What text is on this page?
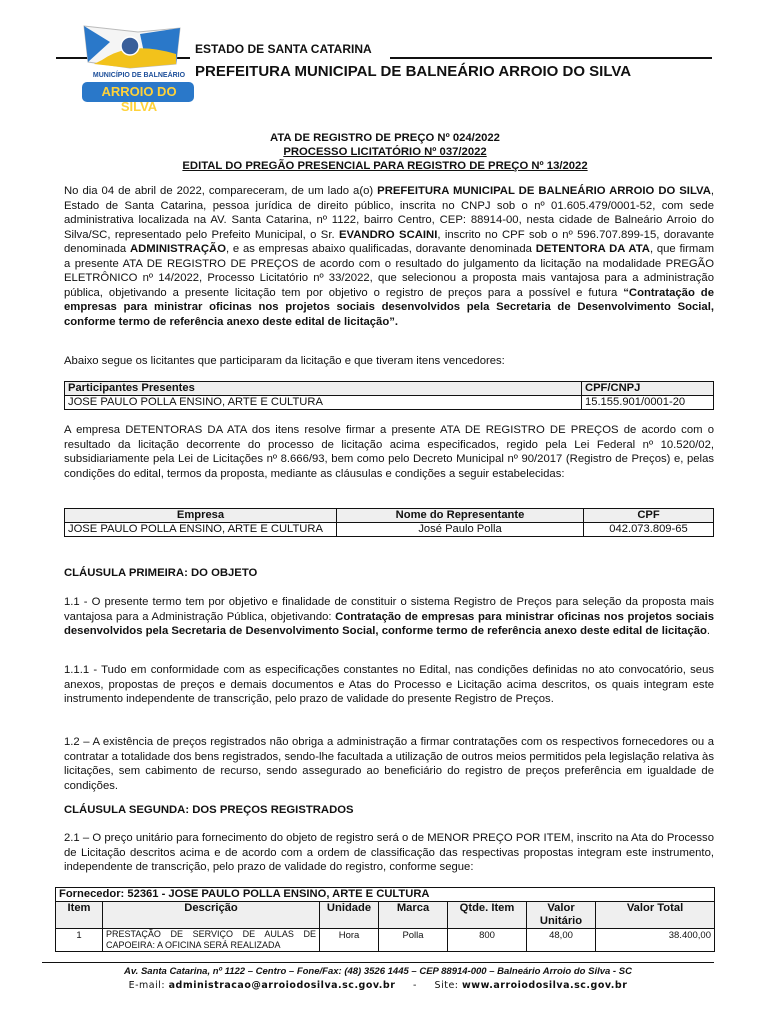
MUNICÍPIO DE BALNEÁRIO
ARROIO DO SILVA
ESTADO DE SANTA CATARINA
PREFEITURA MUNICIPAL DE BALNEÁRIO ARROIO DO SILVA
ATA DE REGISTRO DE PREÇO Nº 024/2022
PROCESSO LICITATÓRIO Nº 037/2022
EDITAL DO PREGÃO PRESENCIAL PARA REGISTRO DE PREÇO Nº 13/2022
No dia 04 de abril de 2022, compareceram, de um lado a(o) PREFEITURA MUNICIPAL DE BALNEÁRIO ARROIO DO SILVA, Estado de Santa Catarina, pessoa jurídica de direito público, inscrita no CNPJ sob o nº 01.605.479/0001-52, com sede administrativa localizada na AV. Santa Catarina, nº 1122, bairro Centro, CEP: 88914-00, nesta cidade de Balneário Arroio do Silva/SC, representado pelo Prefeito Municipal, o Sr. EVANDRO SCAINI, inscrito no CPF sob o nº 596.707.899-15, doravante denominada ADMINISTRAÇÃO, e as empresas abaixo qualificadas, doravante denominada DETENTORA DA ATA, que firmam a presente ATA DE REGISTRO DE PREÇOS de acordo com o resultado do julgamento da licitação na modalidade PREGÃO ELETRÔNICO nº 14/2022, Processo Licitatório nº 33/2022, que selecionou a proposta mais vantajosa para a administração pública, objetivando a presente licitação tem por objetivo o registro de preços para a possível e futura “Contratação de empresas para ministrar oficinas nos projetos sociais desenvolvidos pela Secretaria de Desenvolvimento Social, conforme termo de referência anexo deste edital de licitação”.
Abaixo segue os licitantes que participaram da licitação e que tiveram itens vencedores:
Participantes Presentes	CPF/CNPJ
JOSE PAULO POLLA ENSINO, ARTE E CULTURA	15.155.901/0001-20
A empresa DETENTORAS DA ATA dos itens resolve firmar a presente ATA DE REGISTRO DE PREÇOS de acordo com o resultado da licitação decorrente do processo de licitação acima especificados, regido pela Lei Federal nº 10.520/02, subsidiariamente pela Lei de Licitações nº 8.666/93, bem como pelo Decreto Municipal nº 90/2017 (Registro de Preços) e, pelas condições do edital, termos da proposta, mediante as cláusulas e condições a seguir estabelecidas:
Empresa	Nome do Representante	CPF
JOSE PAULO POLLA ENSINO, ARTE E CULTURA	José Paulo Polla	042.073.809-65
CLÁUSULA PRIMEIRA: DO OBJETO
1.1 - O presente termo tem por objetivo e finalidade de constituir o sistema Registro de Preços para seleção da proposta mais vantajosa para a Administração Pública, objetivando: Contratação de empresas para ministrar oficinas nos projetos sociais desenvolvidos pela Secretaria de Desenvolvimento Social, conforme termo de referência anexo deste edital de licitação.
1.1.1 - Tudo em conformidade com as especificações constantes no Edital, nas condições definidas no ato convocatório, seus anexos, propostas de preços e demais documentos e Atas do Processo e Licitação acima descritos, os quais integram este instrumento independente de transcrição, pelo prazo de validade do presente Registro de Preços.
1.2 – A existência de preços registrados não obriga a administração a firmar contratações com os respectivos fornecedores ou a contratar a totalidade dos bens registrados, sendo-lhe facultada a utilização de outros meios permitidos pela legislação relativa às licitações, sem cabimento de recurso, sendo assegurado ao beneficiário do registro de preços preferência em igualdade de condições.
CLÁUSULA SEGUNDA: DOS PREÇOS REGISTRADOS
2.1 – O preço unitário para fornecimento do objeto de registro será o de MENOR PREÇO POR ITEM, inscrito na Ata do Processo de Licitação descritos acima e de acordo com a ordem de classificação das respectivas propostas integram este instrumento, independente de transcrição, pelo prazo de validade do registro, conforme segue:
Fornecedor: 52361 - JOSE PAULO POLLA ENSINO, ARTE E CULTURA						
Item	Descrição	Unidade	Marca	Qtde. Item	Valor Unitário	Valor Total
1	PRESTAÇÃO DE SERVIÇO DE AULAS DE CAPOEIRA: A OFICINA SERÁ REALIZADA	Hora	Polla	800	48,00	38.400,00
Av. Santa Catarina, nº 1122 – Centro – Fone/Fax: (48) 3526 1445 – CEP 88914-000 – Balneário Arroio do Silva - SC
E-mail: administracao@arroiodosilva.sc.gov.br - Site: www.arroiodosilva.sc.gov.br
